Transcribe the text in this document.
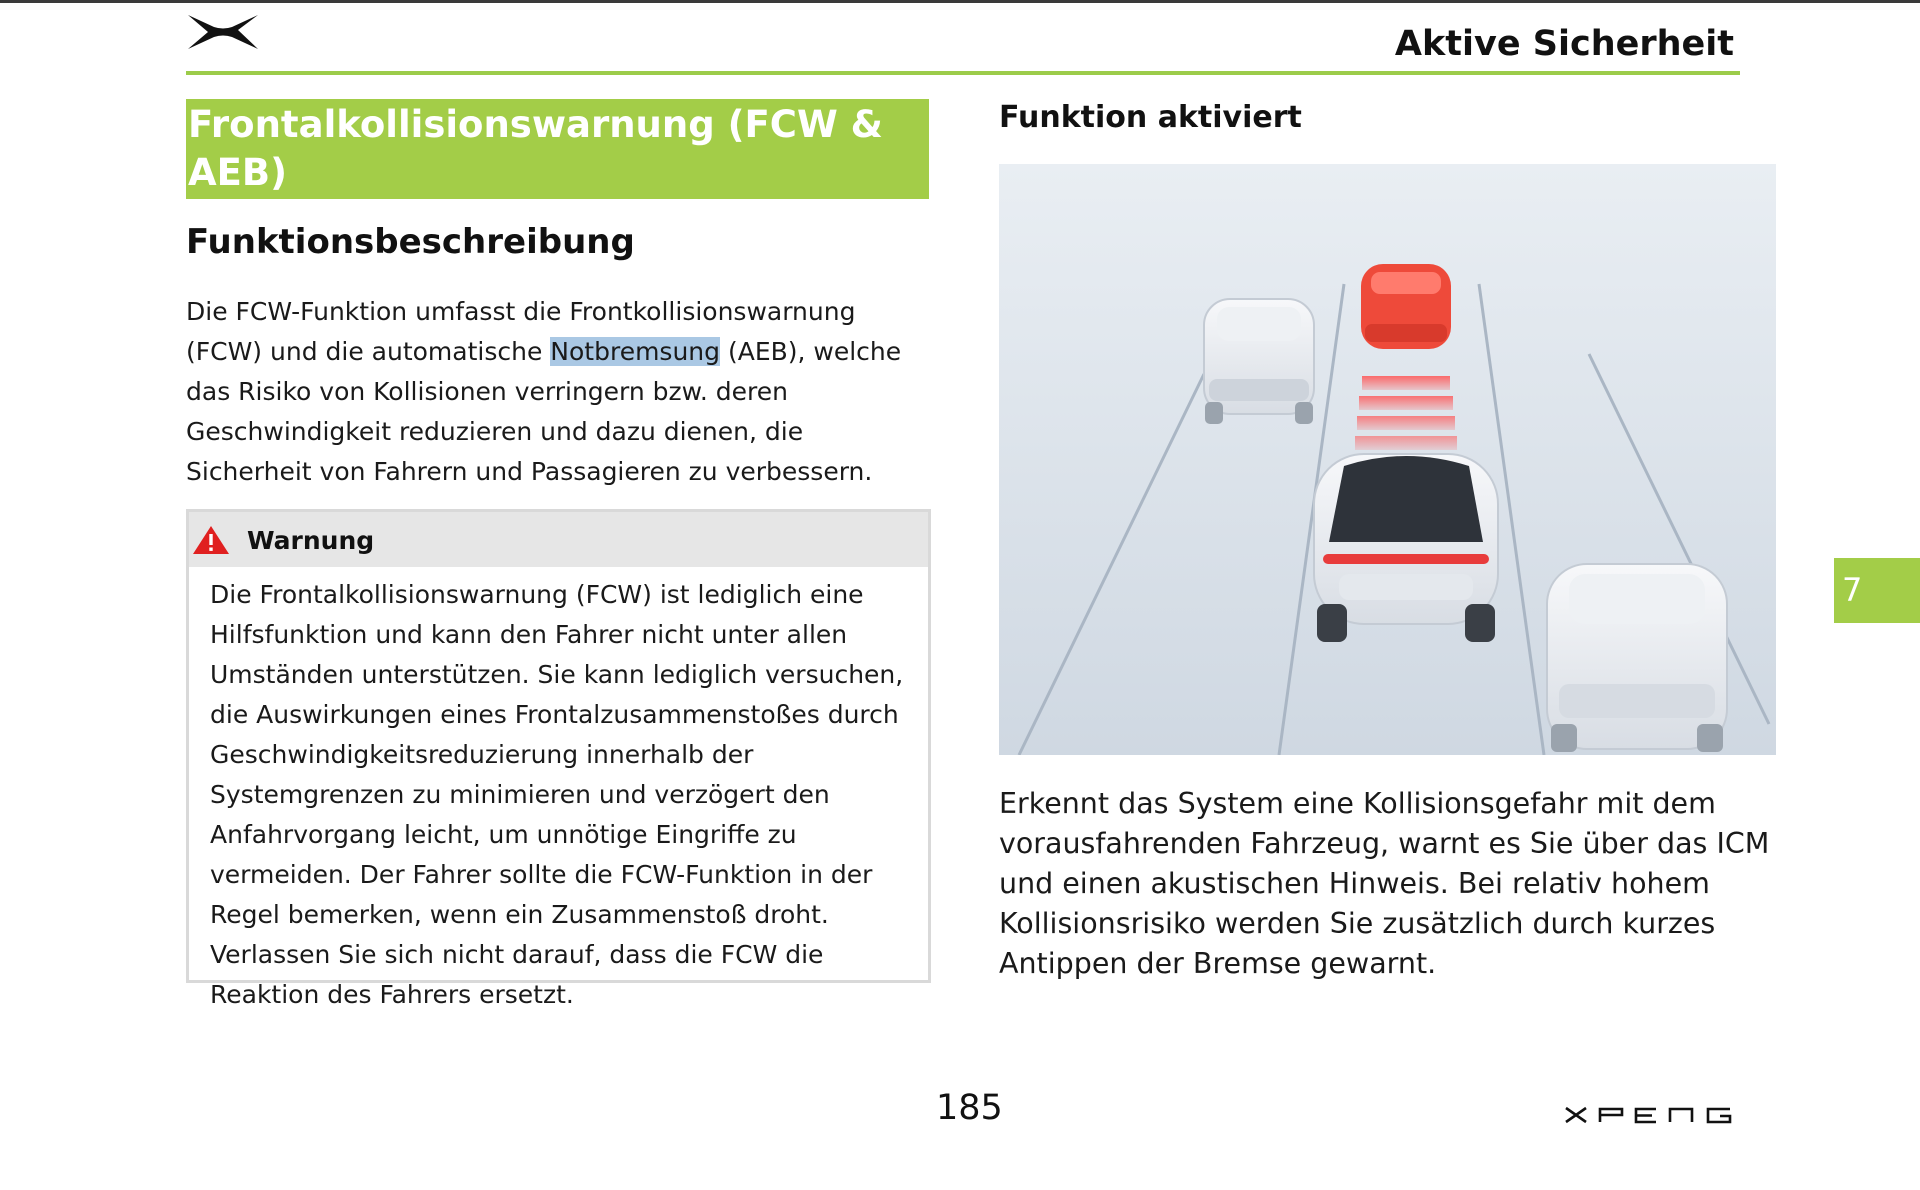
Aktive Sicherheit
Frontalkollisionswarnung (FCW & AEB)
Funktionsbeschreibung

Die FCW-Funktion umfasst die Frontkollisionswarnung (FCW) und die automatische Notbremsung (AEB), welche das Risiko von Kollisionen verringern bzw. deren Geschwindigkeit reduzieren und dazu dienen, die Sicherheit von Fahrern und Passagieren zu verbessern.

Warnung

Die Frontalkollisionswarnung (FCW) ist lediglich eine Hilfsfunktion und kann den Fahrer nicht unter allen Umständen unterstützen. Sie kann lediglich versuchen, die Auswirkungen eines Frontalzusammenstoßes durch Geschwindigkeitsreduzierung innerhalb der Systemgrenzen zu minimieren und verzögert den Anfahrvorgang leicht, um unnötige Eingriffe zu vermeiden. Der Fahrer sollte die FCW-Funktion in der Regel bemerken, wenn ein Zusammenstoß droht. Verlassen Sie sich nicht darauf, dass die FCW die Reaktion des Fahrers ersetzt.

Funktion aktiviert

Erkennt das System eine Kollisionsgefahr mit dem vorausfahrenden Fahrzeug, warnt es Sie über das ICM und einen akustischen Hinweis. Bei relativ hohem Kollisionsrisiko werden Sie zusätzlich durch kurzes Antippen der Bremse gewarnt.

7
185
